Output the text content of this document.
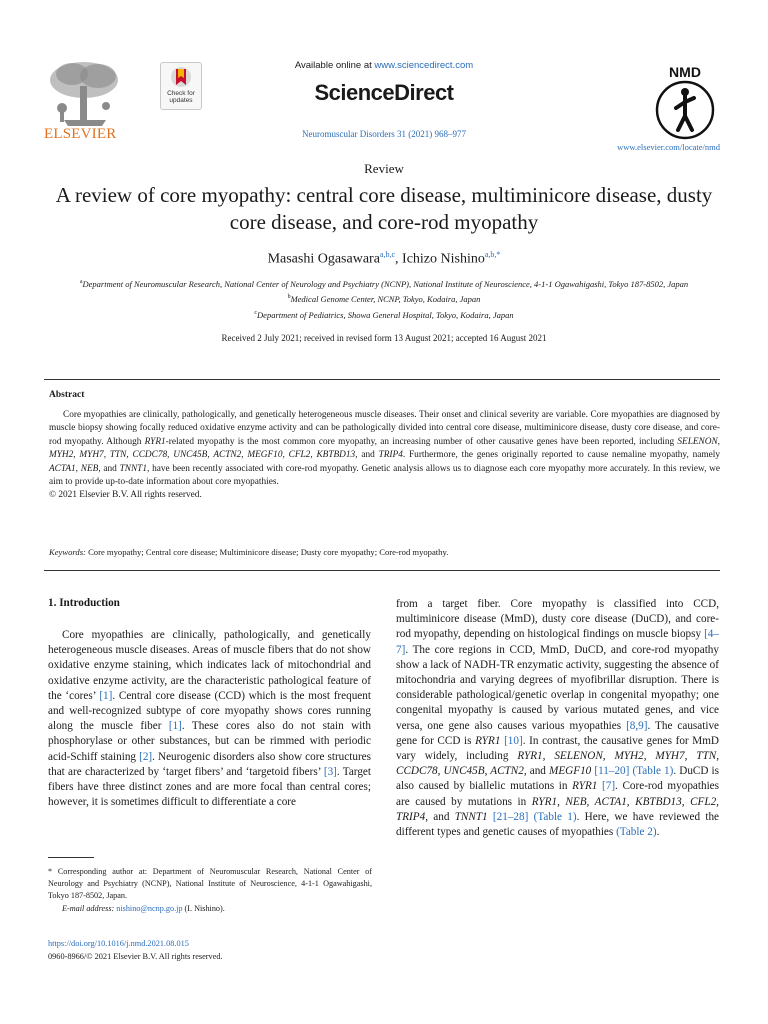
ELSEVIER
Check for updates
Available online at www.sciencedirect.com
ScienceDirect
Neuromuscular Disorders 31 (2021) 968–977
NMD
www.elsevier.com/locate/nmd
Review
A review of core myopathy: central core disease, multiminicore disease, dusty core disease, and core-rod myopathy
Masashi Ogasawara$^{a,b,c}$, Ichizo Nishino$^{a,b,*}$
$^a$Department of Neuromuscular Research, National Center of Neurology and Psychiatry (NCNP), National Institute of Neuroscience, 4-1-1 Ogawahigashi, Tokyo 187-8502, Japan
$^b$Medical Genome Center, NCNP, Tokyo, Kodaira, Japan
$^c$Department of Pediatrics, Showa General Hospital, Tokyo, Kodaira, Japan
Received 2 July 2021; received in revised form 13 August 2021; accepted 16 August 2021
Abstract

Core myopathies are clinically, pathologically, and genetically heterogeneous muscle diseases. Their onset and clinical severity are variable. Core myopathies are diagnosed by muscle biopsy showing focally reduced oxidative enzyme activity and can be pathologically divided into central core disease, multiminicore disease, dusty core disease, and core-rod myopathy. Although RYR1-related myopathy is the most common core myopathy, an increasing number of other causative genes have been reported, including SELENON, MYH2, MYH7, TTN, CCDC78, UNC45B, ACTN2, MEGF10, CFL2, KBTBD13, and TRIP4. Furthermore, the genes originally reported to cause nemaline myopathy, namely ACTA1, NEB, and TNNT1, have been recently associated with core-rod myopathy. Genetic analysis allows us to diagnose each core myopathy more accurately. In this review, we aim to provide up-to-date information about core myopathies.

© 2021 Elsevier B.V. All rights reserved.

Keywords: Core myopathy; Central core disease; Multiminicore disease; Dusty core myopathy; Core-rod myopathy.
1. Introduction
Core myopathies are clinically, pathologically, and genetically heterogeneous muscle diseases. Areas of muscle fibers that do not show oxidative enzyme staining, which indicates lack of mitochondrial and oxidative enzyme activity, are the characteristic pathological feature of the ‘cores’ [1]. Central core disease (CCD) which is the most frequent and well-recognized subtype of core myopathy shows cores running along the muscle fiber [1]. These cores also do not stain with phosphorylase or other substances, but can be rimmed with periodic acid-Schiff staining [2]. Neurogenic disorders also show core structures that are characterized by ‘target fibers’ and ‘targetoid fibers’ [3]. Target fibers have three distinct zones and are more focal than central cores; however, it is sometimes difficult to differentiate a core
from a target fiber. Core myopathy is classified into CCD, multiminicore disease (MmD), dusty core disease (DuCD), and core-rod myopathy, depending on histological findings on muscle biopsy [4–7]. The core regions in CCD, MmD, DuCD, and core-rod myopathy show a lack of NADH-TR enzymatic activity, suggesting the absence of mitochondria and varying degrees of myofibrillar disruption. There is considerable pathological/genetic overlap in congenital myopathy; one congenital myopathy is caused by various mutated genes, and vice versa, one gene also causes various myopathies [8,9]. The causative gene for CCD is RYR1 [10]. In contrast, the causative genes for MmD vary widely, including RYR1, SELENON, MYH2, MYH7, TTN, CCDC78, UNC45B, ACTN2, and MEGF10 [11–20] (Table 1). DuCD is also caused by biallelic mutations in RYR1 [7]. Core-rod myopathies are caused by mutations in RYR1, NEB, ACTA1, KBTBD13, CFL2, TRIP4, and TNNT1 [21–28] (Table 1). Here, we have reviewed the different types and genetic causes of myopathies (Table 2).
* Corresponding author at: Department of Neuromuscular Research, National Center of Neurology and Psychiatry (NCNP), National Institute of Neuroscience, 4-1-1 Ogawahigashi, Tokyo 187-8502, Japan.
E-mail address: nishino@ncnp.go.jp (I. Nishino).
https://doi.org/10.1016/j.nmd.2021.08.015
0960-8966/© 2021 Elsevier B.V. All rights reserved.
